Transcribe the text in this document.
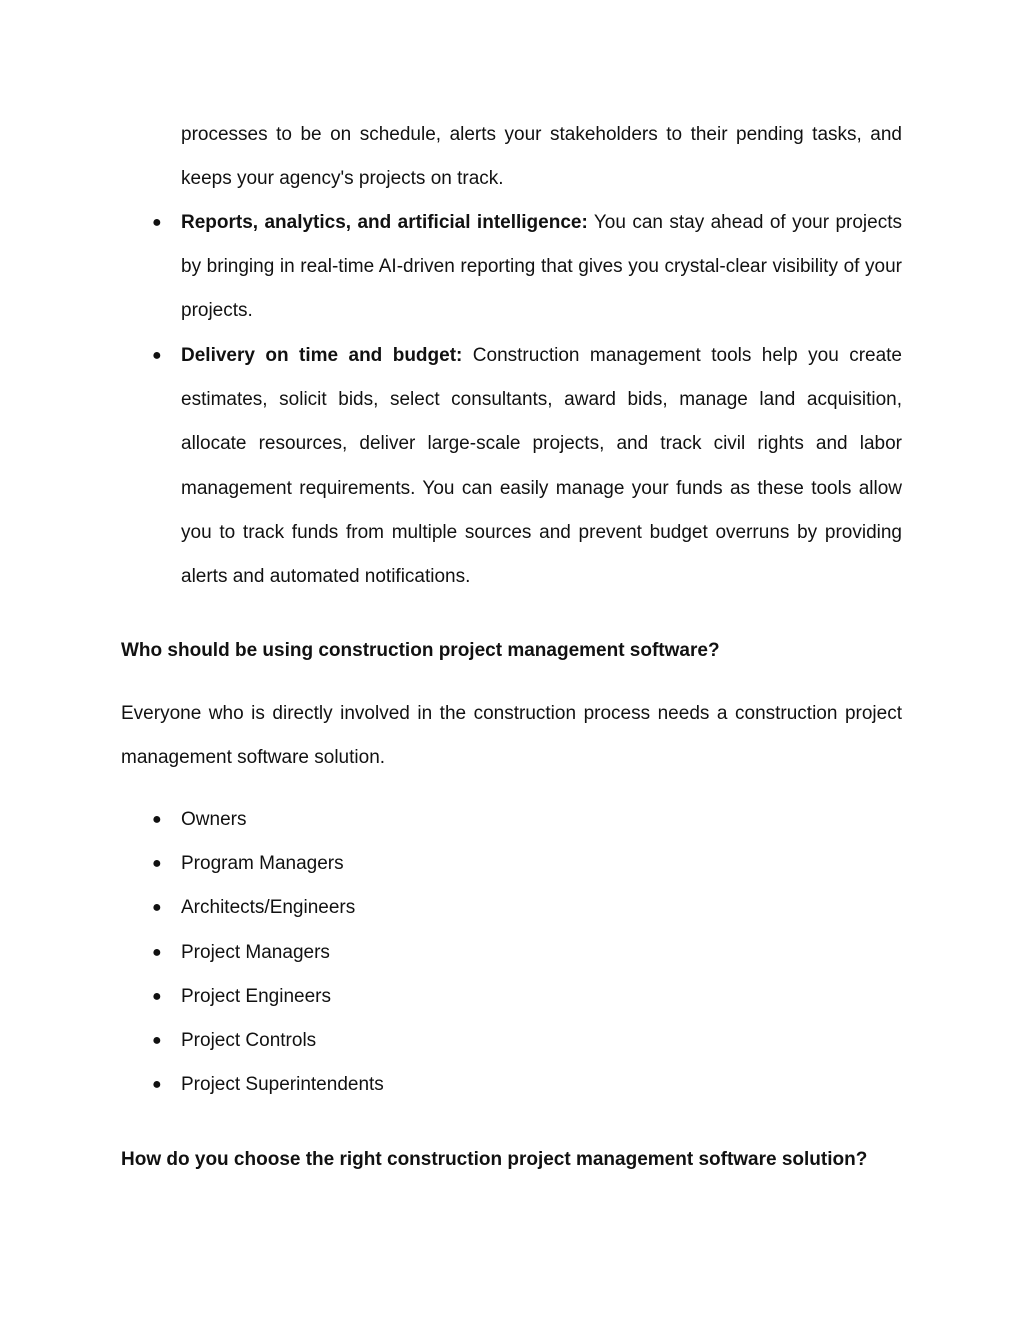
processes to be on schedule, alerts your stakeholders to their pending tasks, and keeps your agency's projects on track.

● Reports, analytics, and artificial intelligence: You can stay ahead of your projects by bringing in real-time AI-driven reporting that gives you crystal-clear visibility of your projects.

● Delivery on time and budget: Construction management tools help you create estimates, solicit bids, select consultants, award bids, manage land acquisition, allocate resources, deliver large-scale projects, and track civil rights and labor management requirements. You can easily manage your funds as these tools allow you to track funds from multiple sources and prevent budget overruns by providing alerts and automated notifications.

Who should be using construction project management software?

Everyone who is directly involved in the construction process needs a construction project management software solution.

● Owners
● Program Managers
● Architects/Engineers
● Project Managers
● Project Engineers
● Project Controls
● Project Superintendents
How do you choose the right construction project management software solution?
